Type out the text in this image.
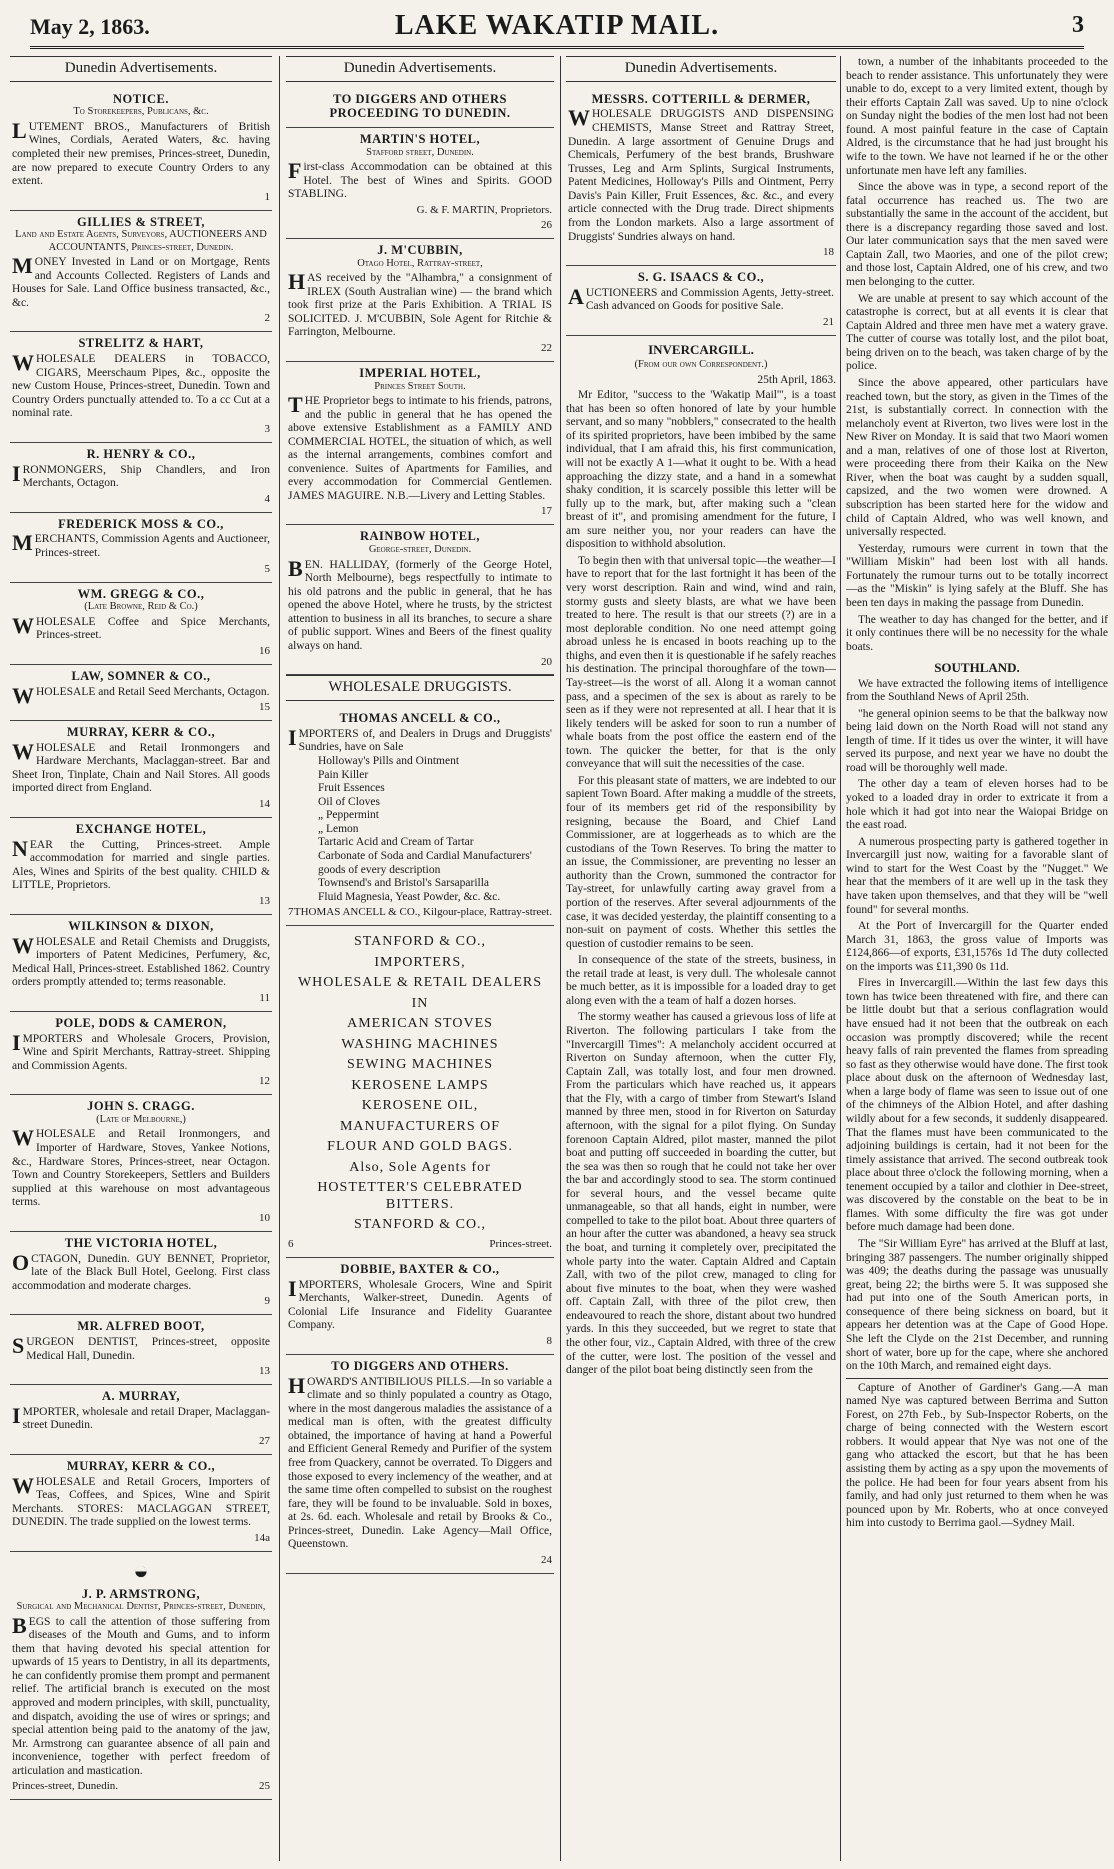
May 2, 1863.	LAKE WAKATIP MAIL.	3
Dunedin Advertisements.
NOTICE.
To Storekeepers, Publicans, &c.
LUTEMENT BROS., Manufacturers of British Wines, Cordials, Aerated Waters, &c. having completed their new premises, Princes-street, Dunedin, are now prepared to execute Country Orders to any extent.
1
GILLIES & STREET,
Land and Estate Agents, Surveyors, AUCTIONEERS AND ACCOUNTANTS, Princes-street, Dunedin.
MONEY Invested in Land or on Mortgage, Rents and Accounts Collected. Registers of Lands and Houses for Sale. Land Office business transacted, &c., &c.
2
STRELITZ & HART,
WHOLESALE DEALERS in TOBACCO, CIGARS, Meerschaum Pipes, &c., opposite the new Custom House, Princes-street, Dunedin. Town and Country Orders punctually attended to. To a cc Cut at a nominal rate.
3
R. HENRY & CO.,
IRONMONGERS, Ship Chandlers, and Iron Merchants, Octagon.
4
FREDERICK MOSS & CO.,
MERCHANTS, Commission Agents and Auctioneer, Princes-street.
5
WM. GREGG & CO.,
(Late Browne, Reid & Co.)
WHOLESALE Coffee and Spice Merchants, Princes-street.
16
LAW, SOMNER & CO.,
WHOLESALE and Retail Seed Merchants, Octagon.
15
MURRAY, KERR & CO.,
WHOLESALE and Retail Ironmongers and Hardware Merchants, Maclaggan-street. Bar and Sheet Iron, Tinplate, Chain and Nail Stores. All goods imported direct from England.
14
EXCHANGE HOTEL,
NEAR the Cutting, Princes-street. Ample accommodation for married and single parties. Ales, Wines and Spirits of the best quality. CHILD & LITTLE, Proprietors.
13
WILKINSON & DIXON,
WHOLESALE and Retail Chemists and Druggists, importers of Patent Medicines, Perfumery, &c, Medical Hall, Princes-street. Established 1862. Country orders promptly attended to; terms reasonable.
11
POLE, DODS & CAMERON,
IMPORTERS and Wholesale Grocers, Provision, Wine and Spirit Merchants, Rattray-street. Shipping and Commission Agents.
12
JOHN S. CRAGG.
(Late of Melbourne,)
WHOLESALE and Retail Ironmongers, and Importer of Hardware, Stoves, Yankee Notions, &c., Hardware Stores, Princes-street, near Octagon. Town and Country Storekeepers, Settlers and Builders supplied at this warehouse on most advantageous terms.
10
THE VICTORIA HOTEL,
OCTAGON, Dunedin. GUY BENNET, Proprietor, late of the Black Bull Hotel, Geelong. First class accommodation and moderate charges.
9
MR. ALFRED BOOT,
SURGEON DENTIST, Princes-street, opposite Medical Hall, Dunedin.
13
A. MURRAY,
IMPORTER, wholesale and retail Draper, Maclaggan-street Dunedin.
27
MURRAY, KERR & CO.,
WHOLESALE and Retail Grocers, Importers of Teas, Coffees, and Spices, Wine and Spirit Merchants. STORES: MACLAGGAN STREET, DUNEDIN. The trade supplied on the lowest terms.
14a
◒
J. P. ARMSTRONG,
Surgical and Mechanical Dentist, Princes-street, Dunedin,
BEGS to call the attention of those suffering from diseases of the Mouth and Gums, and to inform them that having devoted his special attention for upwards of 15 years to Dentistry, in all its departments, he can confidently promise them prompt and permanent relief. The artificial branch is executed on the most approved and modern principles, with skill, punctuality, and dispatch, avoiding the use of wires or springs; and special attention being paid to the anatomy of the jaw, Mr. Armstrong can guarantee absence of all pain and inconvenience, together with perfect freedom of articulation and mastication.
Princes-street, Dunedin.	25
Dunedin Advertisements.
TO DIGGERS AND OTHERS PROCEEDING TO DUNEDIN.
MARTIN'S HOTEL,
Stafford street, Dunedin.
First-class Accommodation can be obtained at this Hotel. The best of Wines and Spirits. GOOD STABLING.
G. & F. MARTIN, Proprietors.
26
J. M'CUBBIN,
Otago Hotel, Rattray-street,
HAS received by the "Alhambra," a consignment of IRLEX (South Australian wine) — the brand which took first prize at the Paris Exhibition. A TRIAL IS SOLICITED. J. M'CUBBIN, Sole Agent for Ritchie & Farrington, Melbourne.
22
IMPERIAL HOTEL,
Princes Street South.
THE Proprietor begs to intimate to his friends, patrons, and the public in general that he has opened the above extensive Establishment as a FAMILY AND COMMERCIAL HOTEL, the situation of which, as well as the internal arrangements, combines comfort and convenience. Suites of Apartments for Families, and every accommodation for Commercial Gentlemen. JAMES MAGUIRE. N.B.—Livery and Letting Stables.
17
RAINBOW HOTEL,
George-street, Dunedin.
BEN. HALLIDAY, (formerly of the George Hotel, North Melbourne), begs respectfully to intimate to his old patrons and the public in general, that he has opened the above Hotel, where he trusts, by the strictest attention to business in all its branches, to secure a share of public support. Wines and Beers of the finest quality always on hand.
20
WHOLESALE DRUGGISTS.
THOMAS ANCELL & CO.,
IMPORTERS of, and Dealers in Drugs and Druggists' Sundries, have on Sale
Holloway's Pills and Ointment
Pain Killer
Fruit Essences
Oil of Cloves
„ Peppermint
„ Lemon
Tartaric Acid and Cream of Tartar
Carbonate of Soda and Cardial Manufacturers' goods of every description
Townsend's and Bristol's Sarsaparilla
Fluid Magnesia, Yeast Powder, &c. &c.
7 THOMAS ANCELL & CO., Kilgour-place, Rattray-street.
STANFORD & CO.,
IMPORTERS,
WHOLESALE & RETAIL DEALERS
IN
AMERICAN STOVES
WASHING MACHINES
SEWING MACHINES
KEROSENE LAMPS
KEROSENE OIL,
MANUFACTURERS OF
FLOUR AND GOLD BAGS.
Also, Sole Agents for
HOSTETTER'S CELEBRATED BITTERS.
STANFORD & CO.,
6	Princes-street.
DOBBIE, BAXTER & CO.,
IMPORTERS, Wholesale Grocers, Wine and Spirit Merchants, Walker-street, Dunedin. Agents of Colonial Life Insurance and Fidelity Guarantee Company.
8
TO DIGGERS AND OTHERS.
HOWARD'S ANTIBILIOUS PILLS.—In so variable a climate and so thinly populated a country as Otago, where in the most dangerous maladies the assistance of a medical man is often, with the greatest difficulty obtained, the importance of having at hand a Powerful and Efficient General Remedy and Purifier of the system free from Quackery, cannot be overrated. To Diggers and those exposed to every inclemency of the weather, and at the same time often compelled to subsist on the roughest fare, they will be found to be invaluable. Sold in boxes, at 2s. 6d. each. Wholesale and retail by Brooks & Co., Princes-street, Dunedin. Lake Agency—Mail Office, Queenstown.
24
Dunedin Advertisements.
MESSRS. COTTERILL & DERMER,
WHOLESALE DRUGGISTS AND DISPENSING CHEMISTS, Manse Street and Rattray Street, Dunedin. A large assortment of Genuine Drugs and Chemicals, Perfumery of the best brands, Brushware Trusses, Leg and Arm Splints, Surgical Instruments, Patent Medicines, Holloway's Pills and Ointment, Perry Davis's Pain Killer, Fruit Essences, &c. &c., and every article connected with the Drug trade. Direct shipments from the London markets. Also a large assortment of Druggists' Sundries always on hand.
18
S. G. ISAACS & CO.,
AUCTIONEERS and Commission Agents, Jetty-street. Cash advanced on Goods for positive Sale.
21
INVERCARGILL.
(From our own Correspondent.)
25th April, 1863.

Mr Editor, "success to the 'Wakatip Mail'", is a toast that has been so often honored of late by your humble servant, and so many "nobblers," consecrated to the health of its spirited proprietors, have been imbibed by the same individual, that I am afraid this, his first communication, will not be exactly A 1—what it ought to be. With a head approaching the dizzy state, and a hand in a somewhat shaky condition, it is scarcely possible this letter will be fully up to the mark, but, after making such a "clean breast of it", and promising amendment for the future, I am sure neither you, nor your readers can have the disposition to withhold absolution.

To begin then with that universal topic—the weather—I have to report that for the last fortnight it has been of the very worst description. Rain and wind, wind and rain, stormy gusts and sleety blasts, are what we have been treated to here. The result is that our streets (?) are in a most deplorable condition. No one need attempt going abroad unless he is encased in boots reaching up to the thighs, and even then it is questionable if he safely reaches his destination. The principal thoroughfare of the town—Tay-street—is the worst of all. Along it a woman cannot pass, and a specimen of the sex is about as rarely to be seen as if they were not represented at all. I hear that it is likely tenders will be asked for soon to run a number of whale boats from the post office the eastern end of the town. The quicker the better, for that is the only conveyance that will suit the necessities of the case.

For this pleasant state of matters, we are indebted to our sapient Town Board. After making a muddle of the streets, four of its members get rid of the responsibility by resigning, because the Board, and Chief Land Commissioner, are at loggerheads as to which are the custodians of the Town Reserves. To bring the matter to an issue, the Commissioner, are preventing no lesser an authority than the Crown, summoned the contractor for Tay-street, for unlawfully carting away gravel from a portion of the reserves. After several adjournments of the case, it was decided yesterday, the plaintiff consenting to a non-suit on payment of costs. Whether this settles the question of custodier remains to be seen.

In consequence of the state of the streets, business, in the retail trade at least, is very dull. The wholesale cannot be much better, as it is impossible for a loaded dray to get along even with the a team of half a dozen horses.

The stormy weather has caused a grievous loss of life at Riverton. The following particulars I take from the "Invercargill Times": A melancholy accident occurred at Riverton on Sunday afternoon, when the cutter Fly, Captain Zall, was totally lost, and four men drowned. From the particulars which have reached us, it appears that the Fly, with a cargo of timber from Stewart's Island manned by three men, stood in for Riverton on Saturday afternoon, with the signal for a pilot flying. On Sunday forenoon Captain Aldred, pilot master, manned the pilot boat and putting off succeeded in boarding the cutter, but the sea was then so rough that he could not take her over the bar and accordingly stood to sea. The storm continued for several hours, and the vessel became quite unmanageable, so that all hands, eight in number, were compelled to take to the pilot boat. About three quarters of an hour after the cutter was abandoned, a heavy sea struck the boat, and turning it completely over, precipitated the whole party into the water. Captain Aldred and Captain Zall, with two of the pilot crew, managed to cling for about five minutes to the boat, when they were washed off. Captain Zall, with three of the pilot crew, then endeavoured to reach the shore, distant about two hundred yards. In this they succeeded, but we regret to state that the other four, viz., Captain Aldred, with three of the crew of the cutter, were lost. The position of the vessel and danger of the pilot boat being distinctly seen from the

town, a number of the inhabitants proceeded to the beach to render assistance. This unfortunately they were unable to do, except to a very limited extent, though by their efforts Captain Zall was saved. Up to nine o'clock on Sunday night the bodies of the men lost had not been found. A most painful feature in the case of Captain Aldred, is the circumstance that he had just brought his wife to the town. We have not learned if he or the other unfortunate men have left any families.

Since the above was in type, a second report of the fatal occurrence has reached us. The two are substantially the same in the account of the accident, but there is a discrepancy regarding those saved and lost. Our later communication says that the men saved were Captain Zall, two Maories, and one of the pilot crew; and those lost, Captain Aldred, one of his crew, and two men belonging to the cutter.

We are unable at present to say which account of the catastrophe is correct, but at all events it is clear that Captain Aldred and three men have met a watery grave. The cutter of course was totally lost, and the pilot boat, being driven on to the beach, was taken charge of by the police.

Since the above appeared, other particulars have reached town, but the story, as given in the Times of the 21st, is substantially correct. In connection with the melancholy event at Riverton, two lives were lost in the New River on Monday. It is said that two Maori women and a man, relatives of one of those lost at Riverton, were proceeding there from their Kaika on the New River, when the boat was caught by a sudden squall, capsized, and the two women were drowned. A subscription has been started here for the widow and child of Captain Aldred, who was well known, and universally respected.

Yesterday, rumours were current in town that the "William Miskin" had been lost with all hands. Fortunately the rumour turns out to be totally incorrect—as the "Miskin" is lying safely at the Bluff. She has been ten days in making the passage from Dunedin.

The weather to day has changed for the better, and if it only continues there will be no necessity for the whale boats.

SOUTHLAND.

We have extracted the following items of intelligence from the Southland News of April 25th.

"he general opinion seems to be that the balkway now being laid down on the North Road will not stand any length of time. If it tides us over the winter, it will have served its purpose, and next year we have no doubt the road will be thoroughly well made.

The other day a team of eleven horses had to be yoked to a loaded dray in order to extricate it from a hole which it had got into near the Waiopai Bridge on the east road.

A numerous prospecting party is gathered together in Invercargill just now, waiting for a favorable slant of wind to start for the West Coast by the "Nugget." We hear that the members of it are well up in the task they have taken upon themselves, and that they will be "well found" for several months.

At the Port of Invercargill for the Quarter ended March 31, 1863, the gross value of Imports was £124,866—of exports, £31,1576s 1d The duty collected on the imports was £11,390 0s 11d.

Fires in Invercargill.—Within the last few days this town has twice been threatened with fire, and there can be little doubt but that a serious conflagration would have ensued had it not been that the outbreak on each occasion was promptly discovered; while the recent heavy falls of rain prevented the flames from spreading so fast as they otherwise would have done. The first took place about dusk on the afternoon of Wednesday last, when a large body of flame was seen to issue out of one of the chimneys of the Albion Hotel, and after dashing wildly about for a few seconds, it suddenly disappeared. That the flames must have been communicated to the adjoining buildings is certain, had it not been for the timely assistance that arrived. The second outbreak took place about three o'clock the following morning, when a tenement occupied by a tailor and clothier in Dee-street, was discovered by the constable on the beat to be in flames. With some difficulty the fire was got under before much damage had been done.

The "Sir William Eyre" has arrived at the Bluff at last, bringing 387 passengers. The number originally shipped was 409; the deaths during the passage was unusually great, being 22; the births were 5. It was supposed she had put into one of the South American ports, in consequence of there being sickness on board, but it appears her detention was at the Cape of Good Hope. She left the Clyde on the 21st December, and running short of water, bore up for the cape, where she anchored on the 10th March, and remained eight days.

Capture of Another of Gardiner's Gang.—A man named Nye was captured between Berrima and Sutton Forest, on 27th Feb., by Sub-Inspector Roberts, on the charge of being connected with the Western escort robbers. It would appear that Nye was not one of the gang who attacked the escort, but that he has been assisting them by acting as a spy upon the movements of the police. He had been for four years absent from his family, and had only just returned to them when he was pounced upon by Mr. Roberts, who at once conveyed him into custody to Berrima gaol.—Sydney Mail.
